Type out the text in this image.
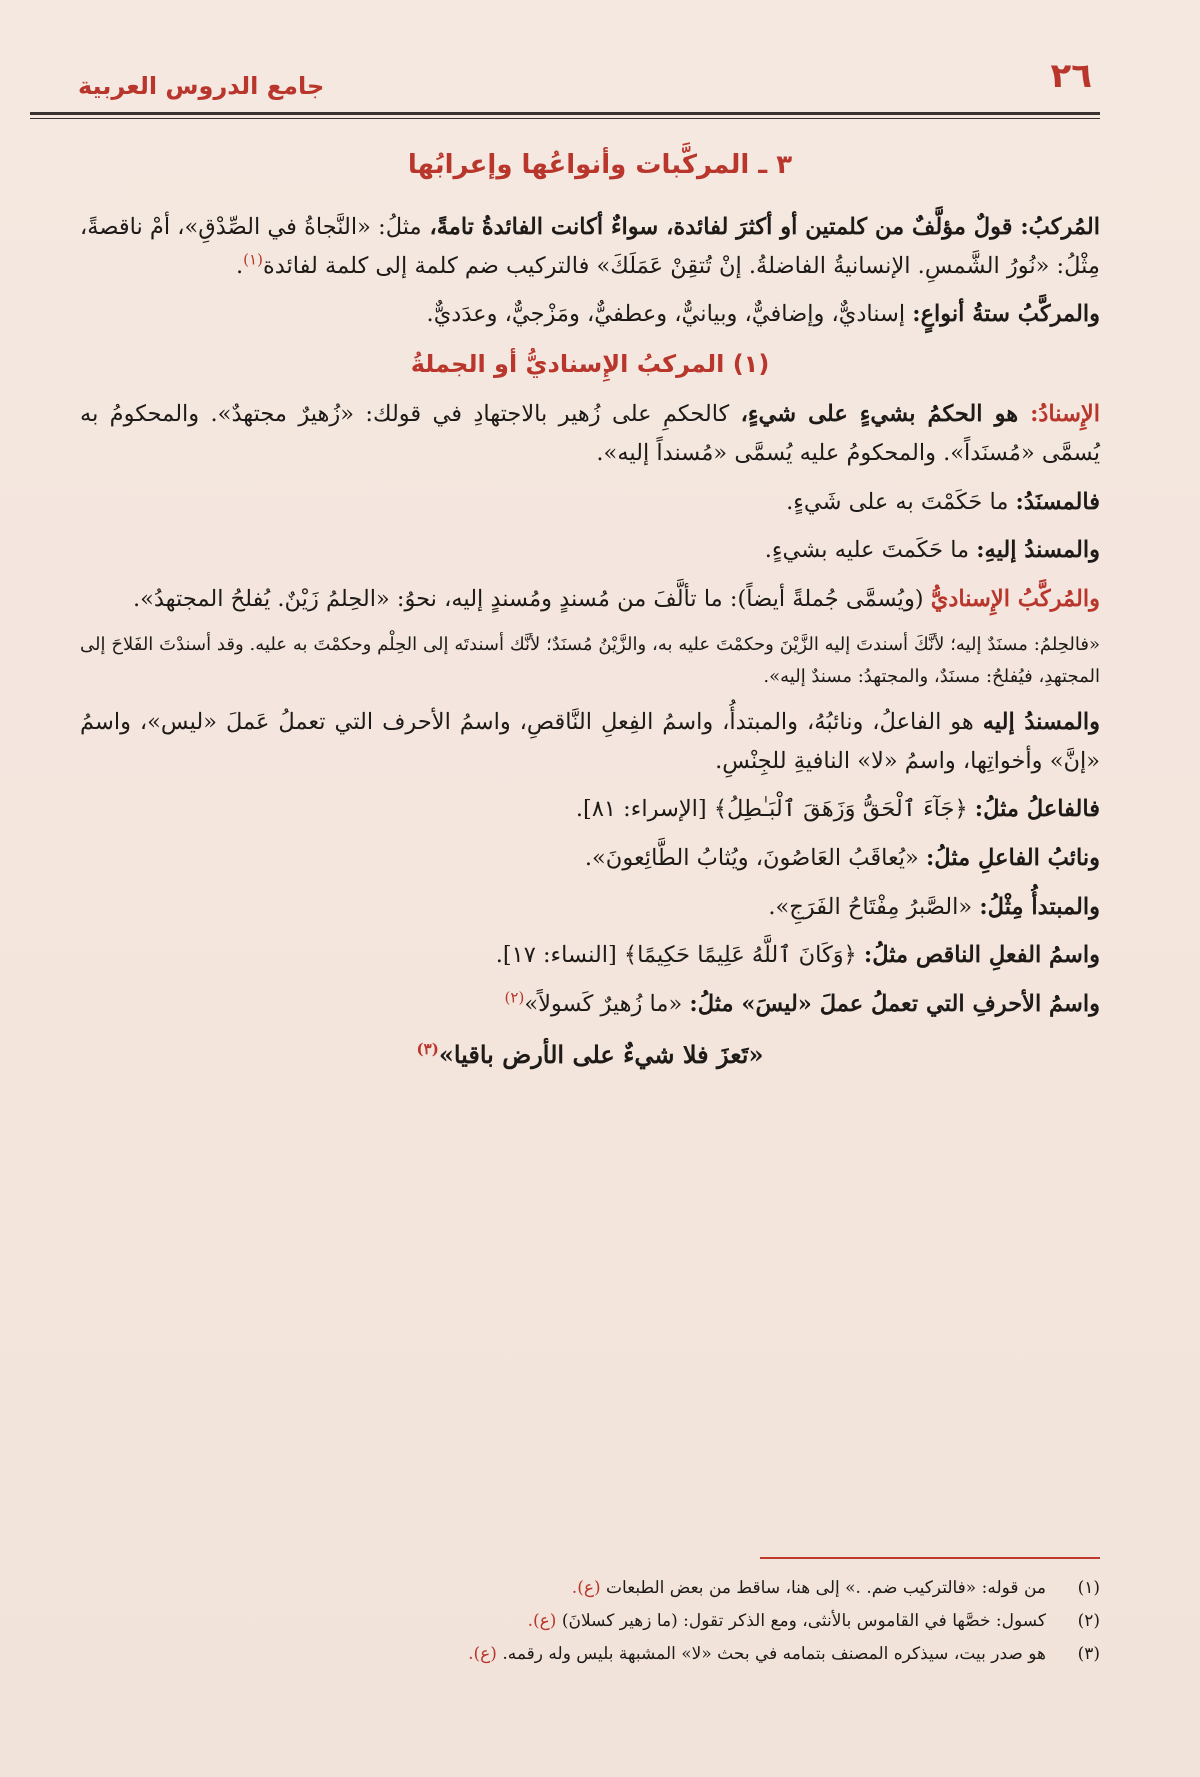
٢٦
جامع الدروس العربية
٣ ـ المركَّبات وأنواعُها وإعرابُها

المُركبُ: قولٌ مؤلَّفٌ من كلمتين أو أكثرَ لفائدة، سواءٌ أكانت الفائدةُ تامةً، مثلُ: «النَّجاةُ في الصِّدْقِ»، أمْ ناقصةً، مِثْلُ: «نُورُ الشَّمسِ. الإنسانيةُ الفاضلةُ. إنْ تُتقِنْ عَمَلَكَ» فالتركيب ضم كلمة إلى كلمة لفائدة$^{(١)}$.

والمركَّبُ ستةُ أنواعٍ: إسناديٌّ، وإضافيٌّ، وبيانيٌّ، وعطفيٌّ، ومَزْجيٌّ، وعدَديٌّ.

(١) المركبُ الإِسناديُّ أو الجملةُ

الإِسنادُ: هو الحكمُ بشيءٍ على شيءٍ، كالحكمِ على زُهير بالاجتهادِ في قولك: «زُهيرٌ مجتهدٌ». والمحكومُ به يُسمَّى «مُسنَداً». والمحكومُ عليه يُسمَّى «مُسنداً إليه».

فالمسنَدُ: ما حَكَمْتَ به على شَيءٍ.

والمسندُ إليهِ: ما حَكَمتَ عليه بشيءٍ.

والمُركَّبُ الإِسناديُّ (ويُسمَّى جُملةً أيضاً): ما تألَّفَ من مُسندٍ ومُسندٍ إليه، نحوُ: «الحِلمُ زَيْنٌ. يُفلحُ المجتهدُ».

«فالحِلمُ: مسنَدٌ إليه؛ لأنَّكَ أسندتَ إليه الزَّيْنَ وحكمْتَ عليه به، والزَّيْنُ مُسنَدٌ؛ لأنَّك أسندتَه إلى الحِلْم وحكمْتَ به عليه. وقد أسندْتَ الفَلاحَ إلى المجتهدِ، فيُفلحُ: مسنَدٌ، والمجتهدُ: مسندٌ إليه».

والمسندُ إليه هو الفاعلُ، ونائبُهُ، والمبتدأُ، واسمُ الفِعلِ النَّاقصِ، واسمُ الأحرف التي تعملُ عَملَ «ليس»، واسمُ «إنَّ» وأخواتِها، واسمُ «لا» النافيةِ للجِنْسِ.

فالفاعلُ مثلُ: ﴿جَآءَ ٱلْحَقُّ وَزَهَقَ ٱلْبَـٰطِلُ﴾ [الإسراء: ٨١].

ونائبُ الفاعلِ مثلُ: «يُعاقَبُ العَاصُونَ، ويُثابُ الطَّائِعونَ».

والمبتدأُ مِثْلُ: «الصَّبرُ مِفْتَاحُ الفَرَجِ».

واسمُ الفعلِ الناقص مثلُ: ﴿وَكَانَ ٱللَّهُ عَلِيمًا حَكِيمًا﴾ [النساء: ١٧].

واسمُ الأحرفِ التي تعملُ عملَ «ليسَ» مثلُ: «ما زُهيرٌ كَسولاً»$^{(٢)}$

«تَعزَ فلا شيءٌ على الأرض باقيا»$^{(٣)}$
(١)
من قوله: «فالتركيب ضم. .» إلى هنا، ساقط من بعض الطبعات (ع).
(٢)
كسول: خصَّها في القاموس بالأنثى، ومع الذكر تقول: (ما زهير كسلانَ) (ع).
(٣)
هو صدر بيت، سيذكره المصنف بتمامه في بحث «لا» المشبهة بليس وله رقمه. (ع).
